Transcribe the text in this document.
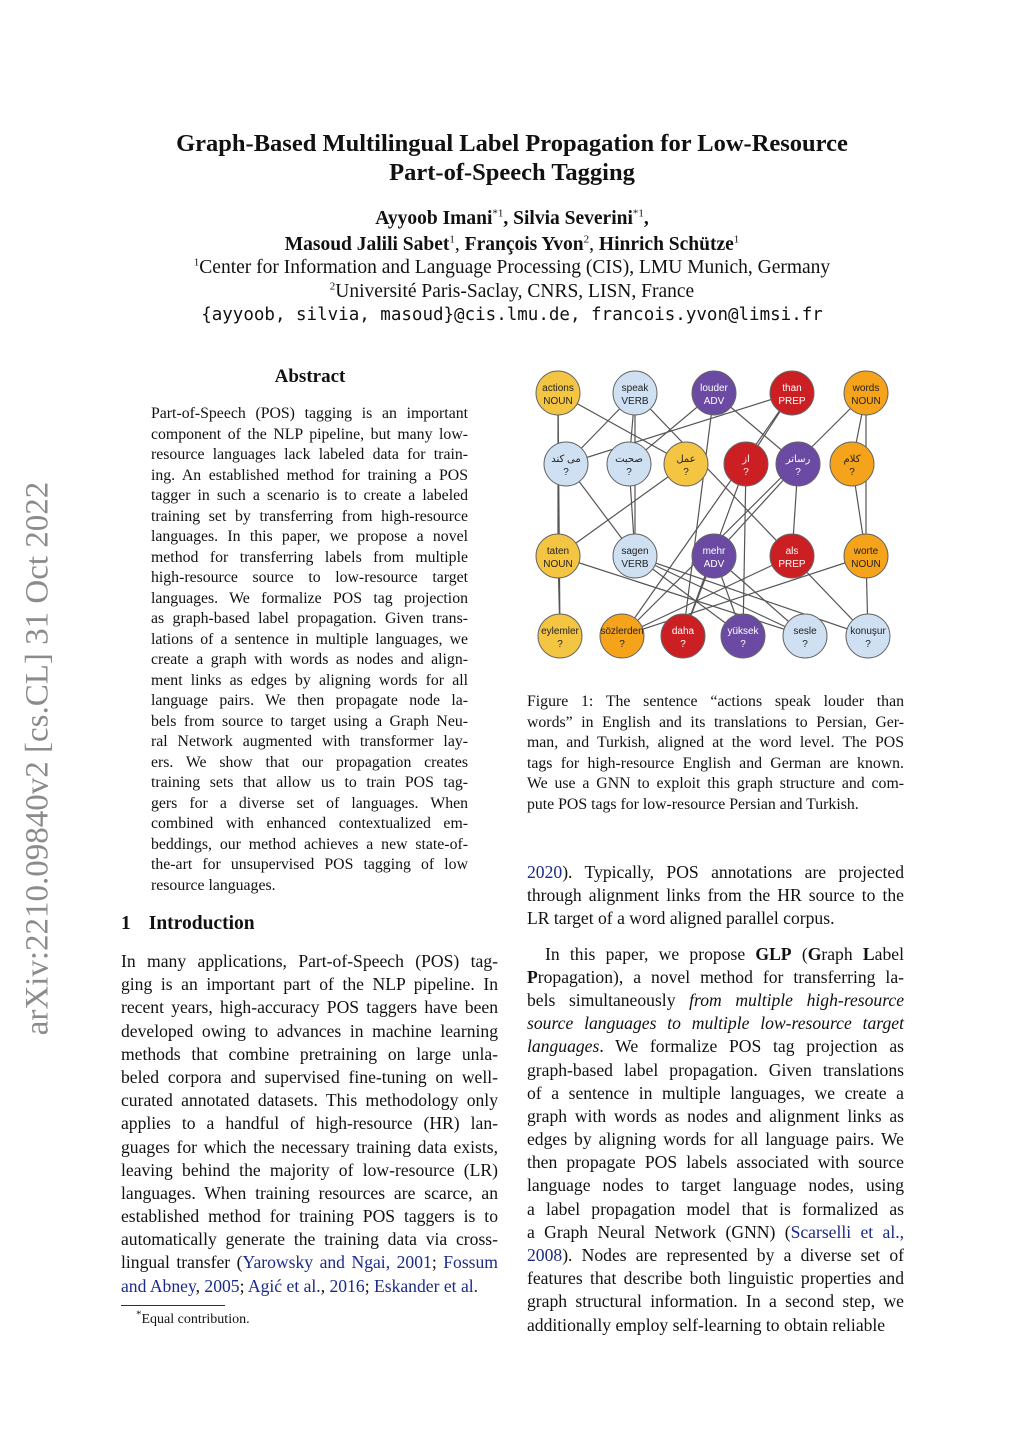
arXiv:2210.09840v2 [cs.CL] 31 Oct 2022
Graph-Based Multilingual Label Propagation for Low-Resource
Part-of-Speech Tagging
Ayyoob Imani$^{*1}$, Silvia Severini$^{*1}$,
Masoud Jalili Sabet$^1$, François Yvon$^2$, Hinrich Schütze$^1$
$^1$Center for Information and Language Processing (CIS), LMU Munich, Germany
$^2$Université Paris-Saclay, CNRS, LISN, France
{ayyoob, silvia, masoud}@cis.lmu.de, francois.yvon@limsi.fr
Abstract
Part-of-Speech (POS) tagging is an important
component of the NLP pipeline, but many low-
resource languages lack labeled data for train-
ing. An established method for training a POS
tagger in such a scenario is to create a labeled
training set by transferring from high-resource
languages. In this paper, we propose a novel
method for transferring labels from multiple
high-resource source to low-resource target
languages. We formalize POS tag projection
as graph-based label propagation. Given trans-
lations of a sentence in multiple languages, we
create a graph with words as nodes and align-
ment links as edges by aligning words for all
language pairs. We then propagate node la-
bels from source to target using a Graph Neu-
ral Network augmented with transformer lay-
ers. We show that our propagation creates
training sets that allow us to train POS tag-
gers for a diverse set of languages. When
combined with enhanced contextualized em-
beddings, our method achieves a new state-of-
the-art for unsupervised POS tagging of low
resource languages.
1 Introduction
In many applications, Part-of-Speech (POS) tag-
ging is an important part of the NLP pipeline. In
recent years, high-accuracy POS taggers have been
developed owing to advances in machine learning
methods that combine pretraining on large unla-
beled corpora and supervised fine-tuning on well-
curated annotated datasets. This methodology only
applies to a handful of high-resource (HR) lan-
guages for which the necessary training data exists,
leaving behind the majority of low-resource (LR)
languages. When training resources are scarce, an
established method for training POS taggers is to
automatically generate the training data via cross-
lingual transfer (Yarowsky and Ngai, 2001; Fossum
and Abney, 2005; Agić et al., 2016; Eskander et al.
*Equal contribution.
actions
NOUN
speak
VERB
louder
ADV
than
PREP
words
NOUN
می کند
?
صحبت
?
عمل
?
از
?
رساتر
?
کلام
?
taten
NOUN
sagen
VERB
mehr
ADV
als
PREP
worte
NOUN
eylemler
?
sözlerden
?
daha
?
yüksek
?
sesle
?
konuşur
?
Figure 1: The sentence “actions speak louder than
words” in English and its translations to Persian, Ger-
man, and Turkish, aligned at the word level. The POS
tags for high-resource English and German are known.
We use a GNN to exploit this graph structure and com-
pute POS tags for low-resource Persian and Turkish.
2020). Typically, POS annotations are projected
through alignment links from the HR source to the
LR target of a word aligned parallel corpus.
In this paper, we propose GLP (Graph Label
Propagation), a novel method for transferring la-
bels simultaneously from multiple high-resource
source languages to multiple low-resource target
languages. We formalize POS tag projection as
graph-based label propagation. Given translations
of a sentence in multiple languages, we create a
graph with words as nodes and alignment links as
edges by aligning words for all language pairs. We
then propagate POS labels associated with source
language nodes to target language nodes, using
a label propagation model that is formalized as
a Graph Neural Network (GNN) (Scarselli et al.,
2008). Nodes are represented by a diverse set of
features that describe both linguistic properties and
graph structural information. In a second step, we
additionally employ self-learning to obtain reliable
